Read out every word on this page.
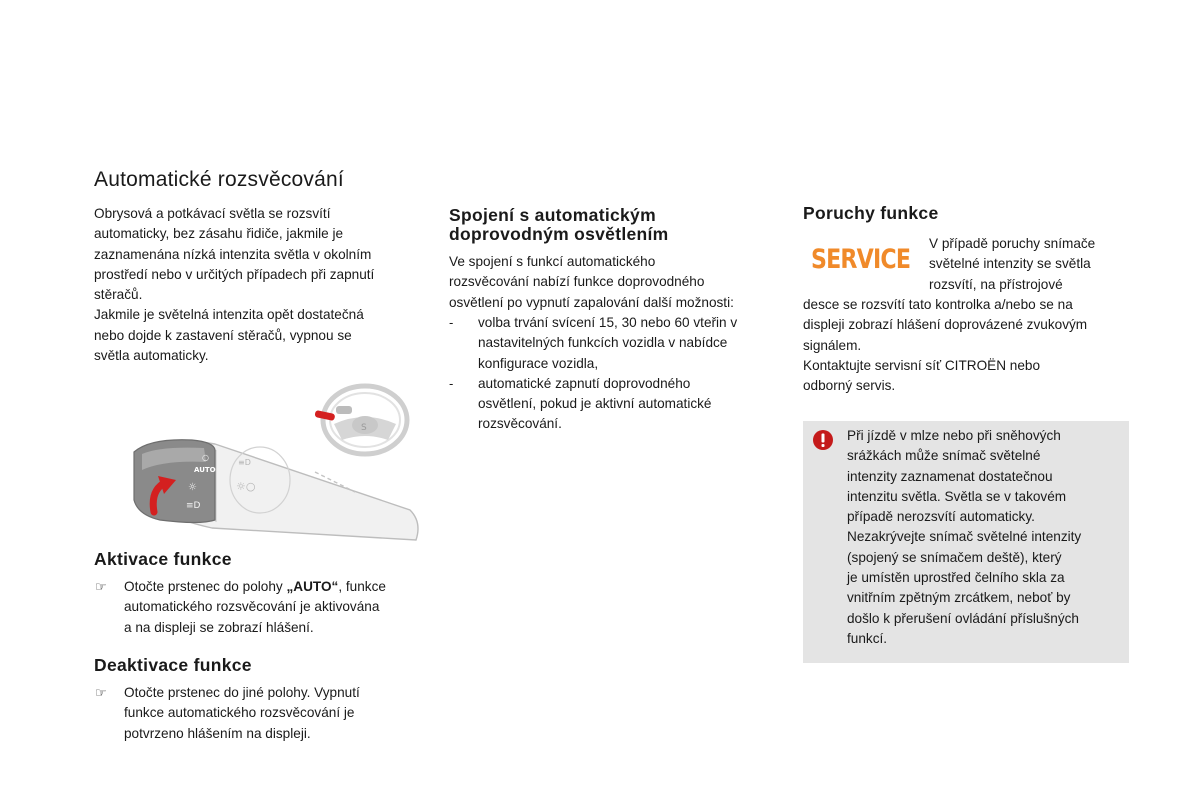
Automatické rozsvěcování

Obrysová a potkávací světla se rozsvítí

automaticky, bez zásahu řidiče, jakmile je

zaznamenána nízká intenzita světla v okolním

prostředí nebo v určitých případech při zapnutí

stěračů.

Jakmile je světelná intenzita opět dostatečná

nebo dojde k zastavení stěračů, vypnou se

světla automaticky.

S
≡D
☼○
AUTO
☼
≡D
○
Aktivace funkce
☞	Otočte prstenec do polohy „AUTO“, funkce
automatického rozsvěcování je aktivována
a na displeji se zobrazí hlášení.
Deaktivace funkce
☞	Otočte prstenec do jiné polohy. Vypnutí
funkce automatického rozsvěcování je
potvrzeno hlášením na displeji.
Spojení s automatickým
doprovodným osvětlením

Ve spojení s funkcí automatického

rozsvěcování nabízí funkce doprovodného

osvětlení po vypnutí zapalování další možnosti:

-	volba trvání svícení 15, 30 nebo 60 vteřin v
nastavitelných funkcích vozidla v nabídce
konfigurace vozidla,
-	automatické zapnutí doprovodného
osvětlení, pokud je aktivní automatické
rozsvěcování.
Poruchy funkce
SERVICE

V případě poruchy snímače

světelné intenzity se světla

rozsvítí, na přístrojové

desce se rozsvítí tato kontrolka a/nebo se na

displeji zobrazí hlášení doprovázené zvukovým

signálem.

Kontaktujte servisní síť CITROËN nebo

odborný servis.

Při jízdě v mlze nebo při sněhových

srážkách může snímač světelné

intenzity zaznamenat dostatečnou

intenzitu světla. Světla se v takovém

případě nerozsvítí automaticky.

Nezakrývejte snímač světelné intenzity

(spojený se snímačem deště), který

je umístěn uprostřed čelního skla za

vnitřním zpětným zrcátkem, neboť by

došlo k přerušení ovládání příslušných

funkcí.
